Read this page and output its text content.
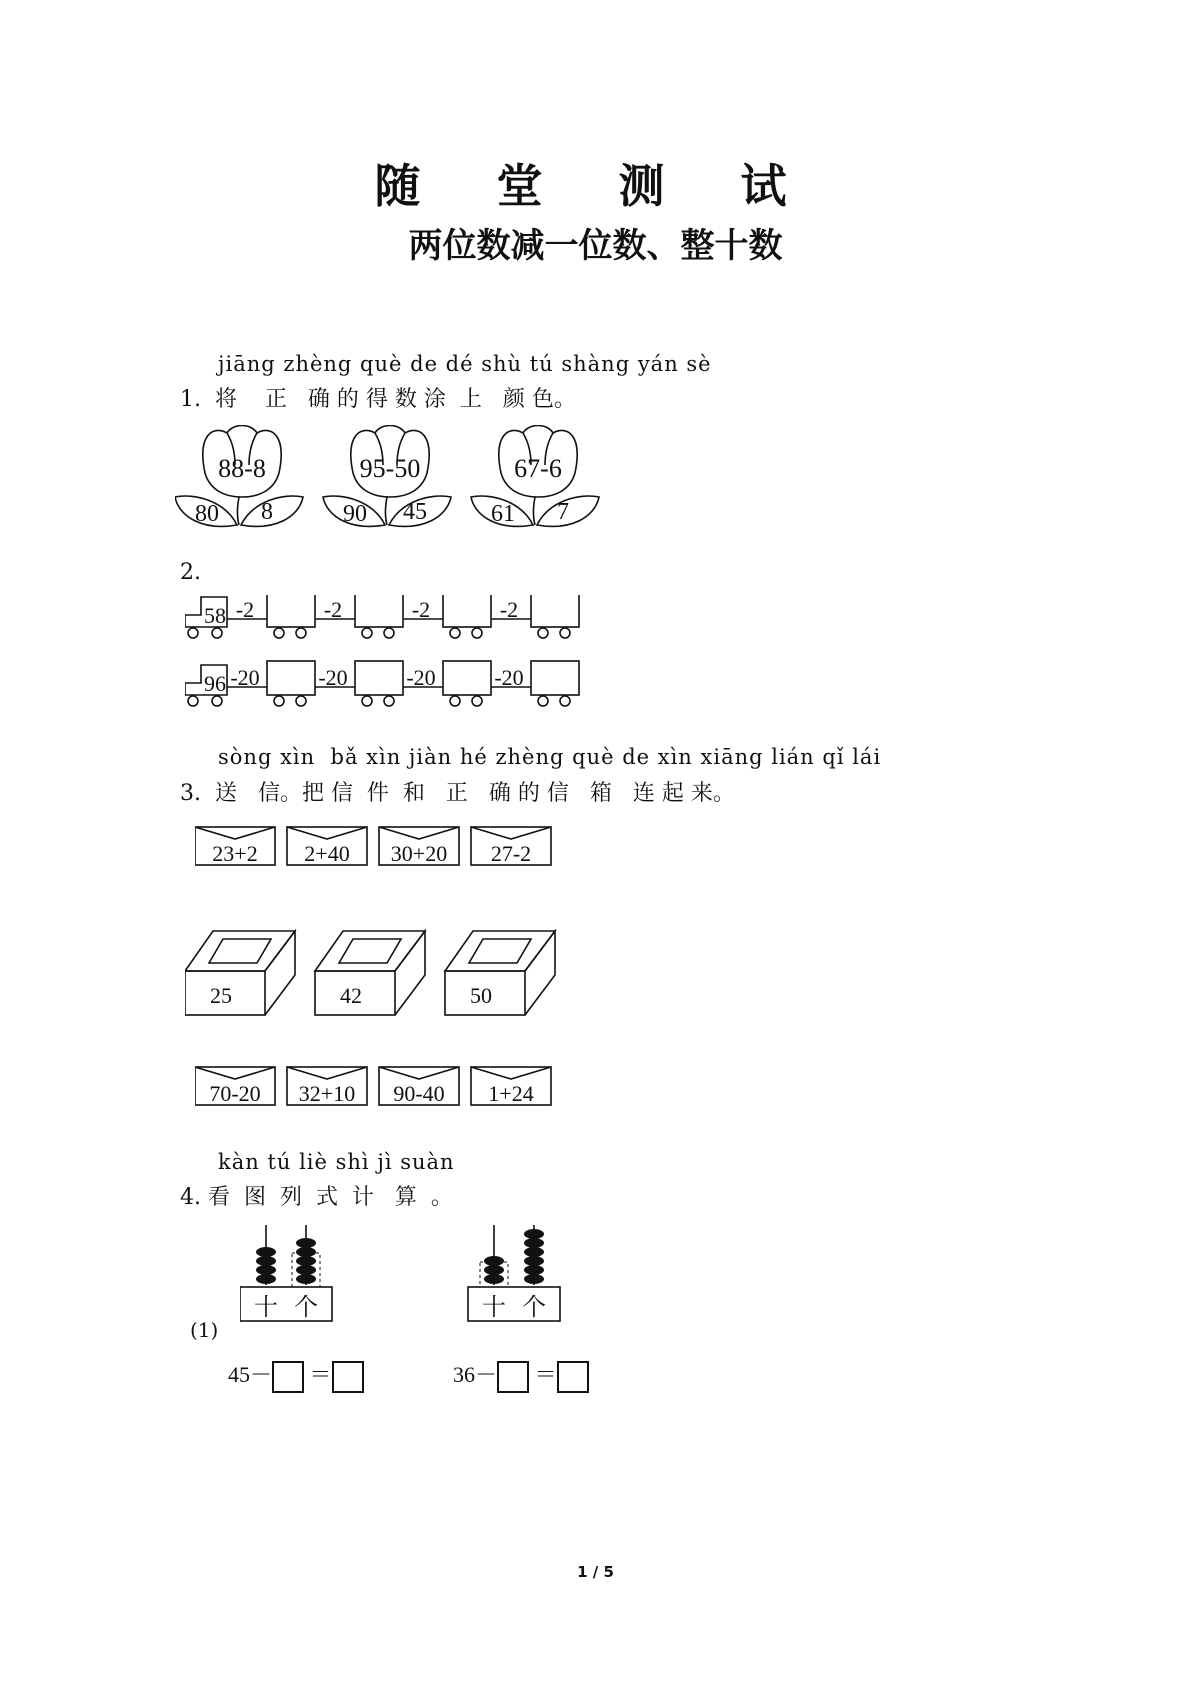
随 堂 测 试
两位数减一位数、整十数
jiāng zhèng què de dé shù tú shàng yán sè
1.  将    正   确 的 得 数 涂  上   颜 色。
88-8
80 8
95-50
90 45
67-6
61 7
2.
58 -2	-2	-2	-2
96 -20	-20	-20	-20
sòng xìn  bǎ xìn jiàn hé zhèng què de xìn xiāng lián qǐ lái
3.  送   信。把 信  件  和   正   确 的 信   箱   连 起 来。
23+2 2+40 30+20 27-2
25	42	50
70-20 32+10 90-40 1+24
kàn tú liè shì jì suàn
4. 看  图  列  式  计   算  。
(1)
十 个	十 个
45－ ＝	36－ ＝
1 / 5
